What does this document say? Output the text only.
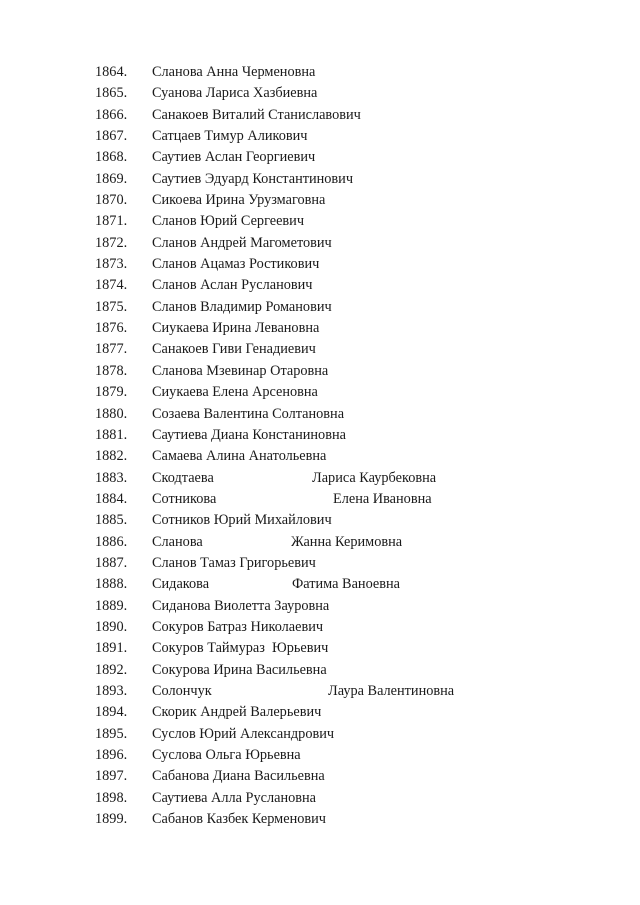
1864. Сланова Анна Черменовна
1865. Суанова Лариса Хазбиевна
1866. Санакоев Виталий Станиславович
1867. Сатцаев Тимур Аликович
1868. Саутиев Аслан Георгиевич
1869. Саутиев Эдуард Константинович
1870. Сикоева Ирина Урузмаговна
1871. Сланов Юрий Сергеевич
1872. Сланов Андрей Магометович
1873. Сланов Ацамаз Ростикович
1874. Сланов Аслан Русланович
1875. Сланов Владимир Романович
1876. Сиукаева Ирина Левановна
1877. Санакоев Гиви Генадиевич
1878. Сланова Мзевинар Отаровна
1879. Сиукаева Елена Арсеновна
1880. Созаева Валентина Солтановна
1881. Саутиева Диана Констаниновна
1882. Самаева Алина Анатольевна
1883. Скодтаева	Лариса Каурбековна
1884. Сотникова	Елена Ивановна
1885. Сотников Юрий Михайлович
1886. Сланова	Жанна Керимовна
1887. Сланов Тамаз Григорьевич
1888. Сидакова	Фатима Ваноевна
1889. Сиданова Виолетта Зауровна
1890. Сокуров Батраз Николаевич
1891. Сокуров Таймураз  Юрьевич
1892. Сокурова Ирина Васильевна
1893. Солончук	Лаура Валентиновна
1894. Скорик Андрей Валерьевич
1895. Суслов Юрий Александрович
1896. Суслова Ольга Юрьевна
1897. Сабанова Диана Васильевна
1898. Саутиева Алла Руслановна
1899. Сабанов Казбек Керменович
